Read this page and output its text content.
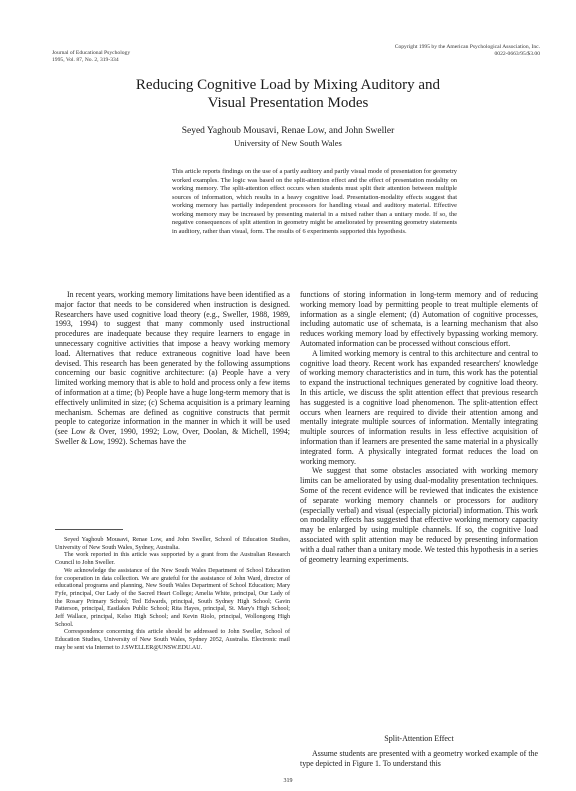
Journal of Educational Psychology
1995, Vol. 87, No. 2, 319-334
Copyright 1995 by the American Psychological Association, Inc.
0022-0663/95/$3.00
Reducing Cognitive Load by Mixing Auditory and
Visual Presentation Modes
Seyed Yaghoub Mousavi, Renae Low, and John Sweller
University of New South Wales
This article reports findings on the use of a partly auditory and partly visual mode of presentation for geometry worked examples. The logic was based on the split-attention effect and the effect of presentation modality on working memory. The split-attention effect occurs when students must split their attention between multiple sources of information, which results in a heavy cognitive load. Presentation-modality effects suggest that working memory has partially independent processors for handling visual and auditory material. Effective working memory may be increased by presenting material in a mixed rather than a unitary mode. If so, the negative consequences of split attention in geometry might be ameliorated by presenting geometry statements in auditory, rather than visual, form. The results of 6 experiments supported this hypothesis.

In recent years, working memory limitations have been identified as a major factor that needs to be considered when instruction is designed. Researchers have used cognitive load theory (e.g., Sweller, 1988, 1989, 1993, 1994) to suggest that many commonly used instructional procedures are inadequate because they require learners to engage in unnecessary cognitive activities that impose a heavy working memory load. Alternatives that reduce extraneous cognitive load have been devised. This research has been generated by the following assumptions concerning our basic cognitive architecture: (a) People have a very limited working memory that is able to hold and process only a few items of information at a time; (b) People have a huge long-term memory that is effectively unlimited in size; (c) Schema acquisition is a primary learning mechanism. Schemas are defined as cognitive constructs that permit people to categorize information in the manner in which it will be used (see Low & Over, 1990, 1992; Low, Over, Doolan, & Michell, 1994; Sweller & Low, 1992). Schemas have the

functions of storing information in long-term memory and of reducing working memory load by permitting people to treat multiple elements of information as a single element; (d) Automation of cognitive processes, including automatic use of schemata, is a learning mechanism that also reduces working memory load by effectively bypassing working memory. Automated information can be processed without conscious effort.

A limited working memory is central to this architecture and central to cognitive load theory. Recent work has expanded researchers' knowledge of working memory characteristics and in turn, this work has the potential to expand the instructional techniques generated by cognitive load theory. In this article, we discuss the split attention effect that previous research has suggested is a cognitive load phenomenon. The split-attention effect occurs when learners are required to divide their attention among and mentally integrate multiple sources of information. Mentally integrating multiple sources of information results in less effective acquisition of information than if learners are presented the same material in a physically integrated form. A physically integrated format reduces the load on working memory.

We suggest that some obstacles associated with working memory limits can be ameliorated by using dual-modality presentation techniques. Some of the recent evidence will be reviewed that indicates the existence of separate working memory channels or processors for auditory (especially verbal) and visual (especially pictorial) information. This work on modality effects has suggested that effective working memory capacity may be enlarged by using multiple channels. If so, the cognitive load associated with split attention may be reduced by presenting information with a dual rather than a unitary mode. We tested this hypothesis in a series of geometry learning experiments.

Split-Attention Effect

Assume students are presented with a geometry worked example of the type depicted in Figure 1. To understand this

Seyed Yaghoub Mousavi, Renae Low, and John Sweller, School of Education Studies, University of New South Wales, Sydney, Australia.

The work reported in this article was supported by a grant from the Australian Research Council to John Sweller.

We acknowledge the assistance of the New South Wales Department of School Education for cooperation in data collection. We are grateful for the assistance of John Ward, director of educational programs and planning, New South Wales Department of School Education; Mary Fyfe, principal, Our Lady of the Sacred Heart College; Amelia White, principal, Our Lady of the Rosary Primary School; Ted Edwards, principal, South Sydney High School; Gavin Patterson, principal, Eastlakes Public School; Rita Hayes, principal, St. Mary's High School; Jeff Wallace, principal, Kelso High School; and Kevin Riolo, principal, Wollongong High School.

Correspondence concerning this article should be addressed to John Sweller, School of Education Studies, University of New South Wales, Sydney 2052, Australia. Electronic mail may be sent via Internet to J.SWELLER@UNSW.EDU.AU.

319
